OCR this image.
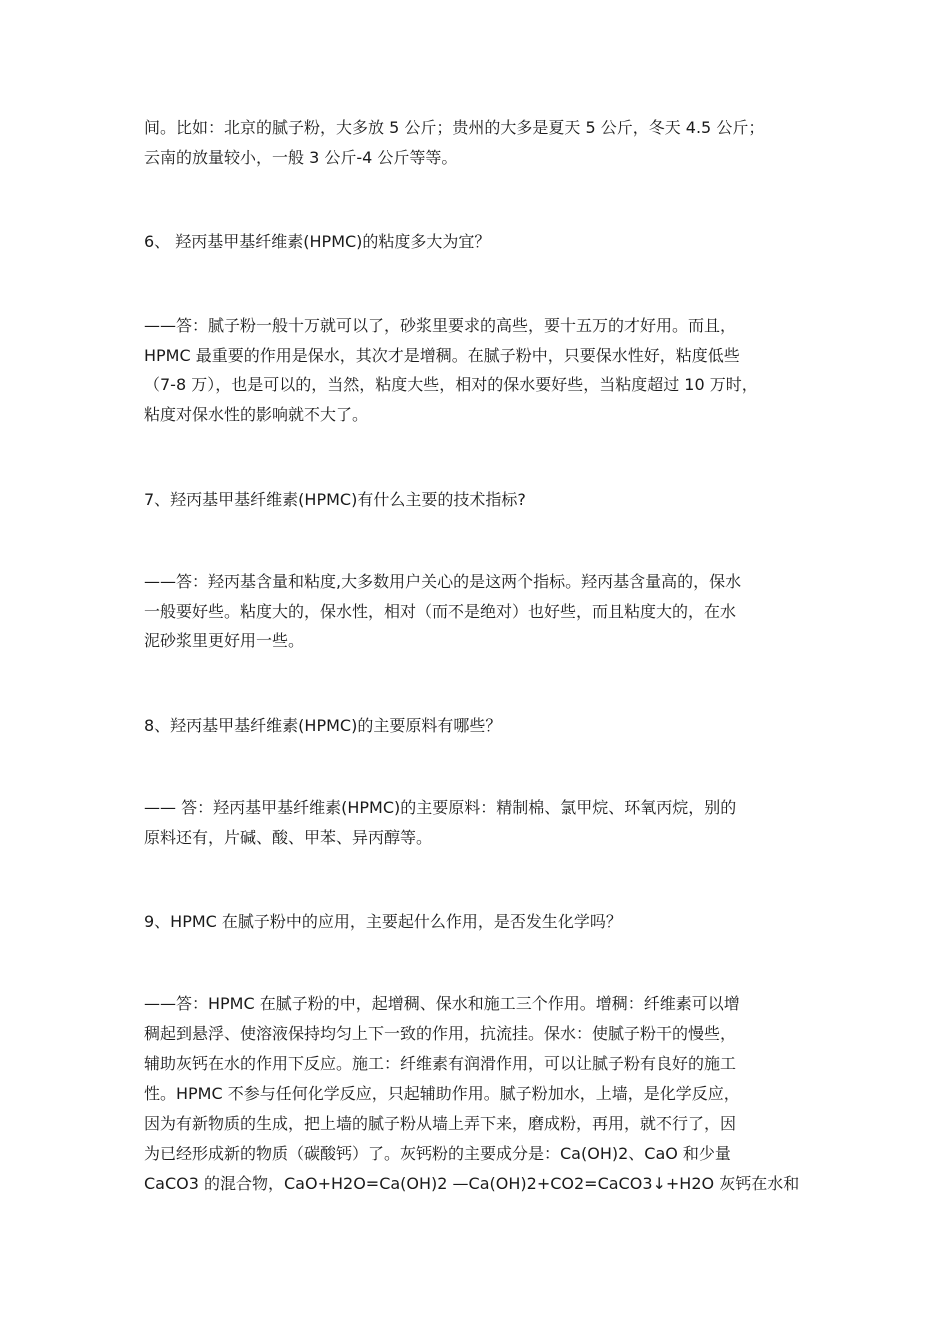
间。比如：北京的腻子粉，大多放 5 公斤；贵州的大多是夏天 5 公斤，冬天 4.5 公斤；
云南的放量较小，一般 3 公斤-4 公斤等等。
6、 羟丙基甲基纤维素(HPMC)的粘度多大为宜？
——答：腻子粉一般十万就可以了，砂浆里要求的高些，要十五万的才好用。而且，
HPMC 最重要的作用是保水，其次才是增稠。在腻子粉中，只要保水性好，粘度低些
（7-8 万），也是可以的，当然，粘度大些，相对的保水要好些，当粘度超过 10 万时，
粘度对保水性的影响就不大了。
7、羟丙基甲基纤维素(HPMC)有什么主要的技术指标?
——答：羟丙基含量和粘度,大多数用户关心的是这两个指标。羟丙基含量高的，保水
一般要好些。粘度大的，保水性，相对（而不是绝对）也好些，而且粘度大的，在水
泥砂浆里更好用一些。
8、羟丙基甲基纤维素(HPMC)的主要原料有哪些？
—— 答：羟丙基甲基纤维素(HPMC)的主要原料：精制棉、氯甲烷、环氧丙烷，别的
原料还有，片碱、酸、甲苯、异丙醇等。
9、HPMC 在腻子粉中的应用，主要起什么作用，是否发生化学吗？
——答：HPMC 在腻子粉的中，起增稠、保水和施工三个作用。增稠：纤维素可以增
稠起到悬浮、使溶液保持均匀上下一致的作用，抗流挂。保水：使腻子粉干的慢些，
辅助灰钙在水的作用下反应。施工：纤维素有润滑作用，可以让腻子粉有良好的施工
性。HPMC 不参与任何化学反应，只起辅助作用。腻子粉加水，上墙，是化学反应，
因为有新物质的生成，把上墙的腻子粉从墙上弄下来，磨成粉，再用，就不行了，因
为已经形成新的物质（碳酸钙）了。灰钙粉的主要成分是：Ca(OH)2、CaO 和少量
CaCO3 的混合物，CaO+H2O=Ca(OH)2 —Ca(OH)2+CO2=CaCO3↓+H2O 灰钙在水和
